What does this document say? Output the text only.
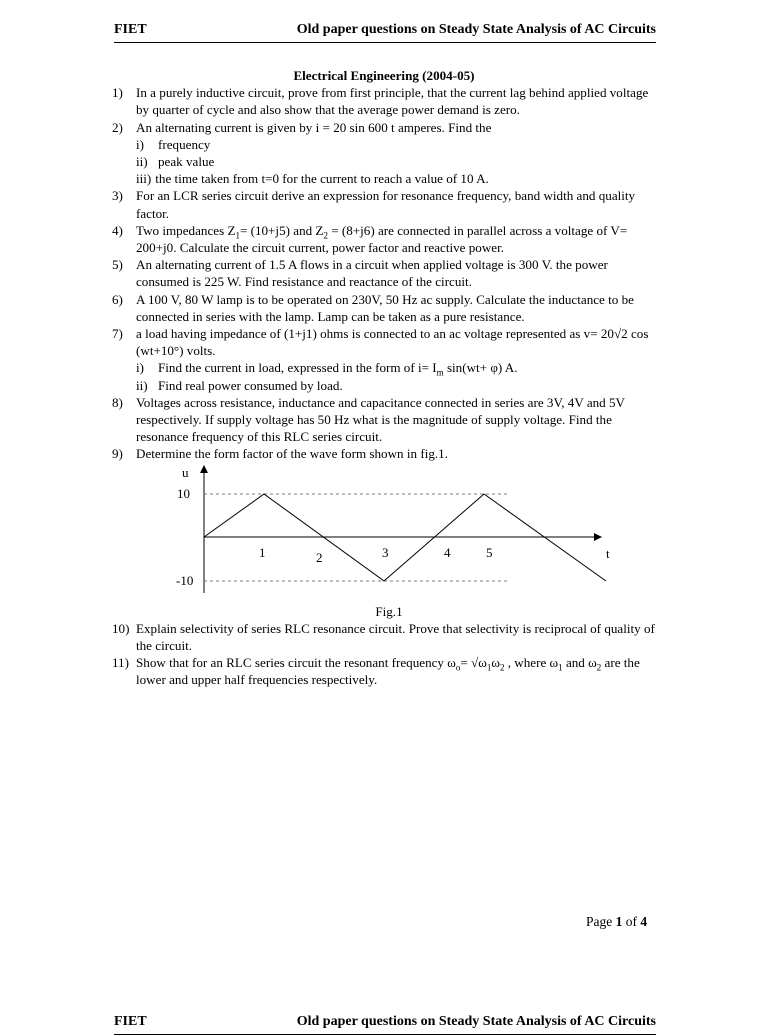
FIET	Old paper questions on Steady State Analysis of AC Circuits
Electrical Engineering (2004-05)
1) In a purely inductive circuit, prove from first principle, that the current lag behind applied voltage by quarter of cycle and also show that the average power demand is zero.
2) An alternating current is given by i = 20 sin 600 t amperes. Find the
i)	frequency
ii) peak value
iii) the time taken from t=0 for the current to reach a value of 10 A.
3) For an LCR series circuit derive an expression for resonance frequency, band width and quality factor.
4) Two impedances $Z_1= (10+j5)$ and $Z_2 = (8+j6)$ are connected in parallel across a voltage of V= 200+j0. Calculate the circuit current, power factor and reactive power.
5) An alternating current of 1.5 A flows in a circuit when applied voltage is 300 V. the power consumed is 225 W. Find resistance and reactance of the circuit.
6) A 100 V, 80 W lamp is to be operated on 230V, 50 Hz ac supply. Calculate the inductance to be connected in series with the lamp. Lamp can be taken as a pure resistance.
7) a load having impedance of (1+j1) ohms is connected to an ac voltage represented as v= 20√2 cos (wt+10°) volts.
i)	Find the current in load, expressed in the form of $i= I_m$ sin(wt+ φ) A.
ii) Find real power consumed by load.
8) Voltages across resistance, inductance and capacitance connected in series are 3V, 4V and 5V respectively. If supply voltage has 50 Hz what is the magnitude of supply voltage. Find the resonance frequency of this RLC series circuit.
9) Determine the form factor of the wave form shown in fig.1.
u
t
10
-10
1	2	3	4	5
Fig.1
10) Explain selectivity of series RLC resonance circuit. Prove that selectivity is reciprocal of quality of the circuit.
11) Show that for an RLC series circuit the resonant frequency $\omega_o= √\omega_1\omega_2$ , where $\omega_1$ and $\omega_2$ are the lower and upper half frequencies respectively.
Page 1 of 4
FIET	Old paper questions on Steady State Analysis of AC Circuits
